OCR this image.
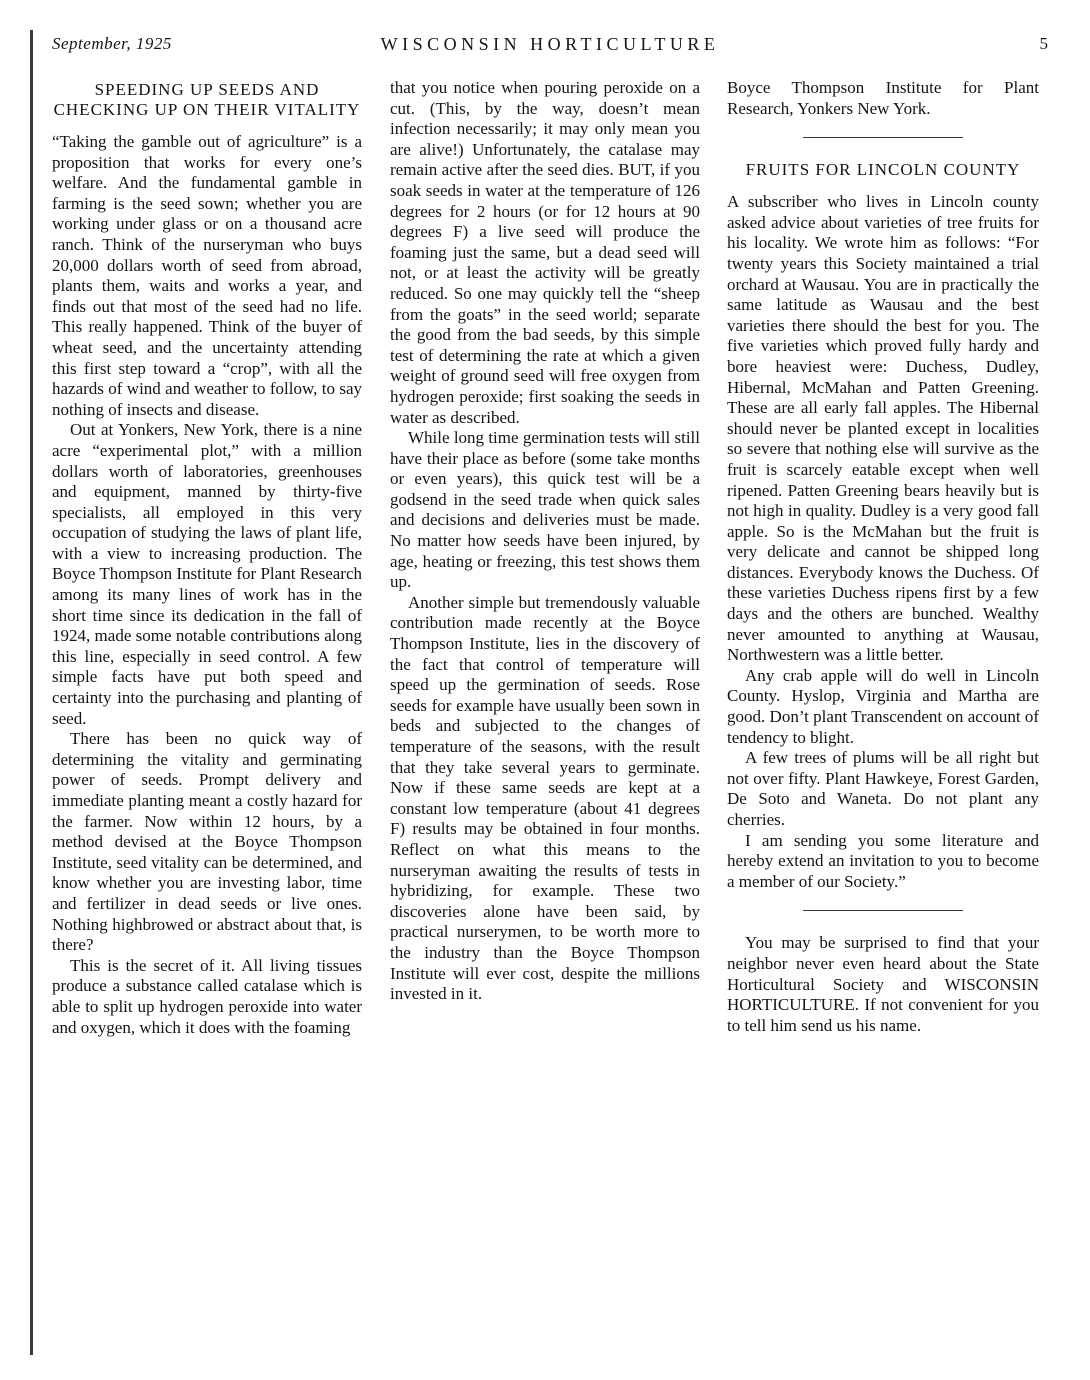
September, 1925	WISCONSIN HORTICULTURE	5
SPEEDING UP SEEDS AND CHECKING UP ON THEIR VITALITY

“Taking the gamble out of agriculture” is a proposition that works for every one’s welfare. And the fundamental gamble in farming is the seed sown; whether you are working under glass or on a thousand acre ranch. Think of the nurseryman who buys 20,000 dollars worth of seed from abroad, plants them, waits and works a year, and finds out that most of the seed had no life. This really happened. Think of the buyer of wheat seed, and the uncertainty attending this first step toward a “crop”, with all the hazards of wind and weather to follow, to say nothing of insects and disease.

Out at Yonkers, New York, there is a nine acre “experimental plot,” with a million dollars worth of laboratories, greenhouses and equipment, manned by thirty-five specialists, all employed in this very occupation of studying the laws of plant life, with a view to increasing production. The Boyce Thompson Institute for Plant Research among its many lines of work has in the short time since its dedication in the fall of 1924, made some notable contributions along this line, especially in seed control. A few simple facts have put both speed and certainty into the purchasing and planting of seed.

There has been no quick way of determining the vitality and germinating power of seeds. Prompt delivery and immediate planting meant a costly hazard for the farmer. Now within 12 hours, by a method devised at the Boyce Thompson Institute, seed vitality can be determined, and know whether you are investing labor, time and fertilizer in dead seeds or live ones. Nothing highbrowed or abstract about that, is there?

This is the secret of it. All living tissues produce a substance called catalase which is able to split up hydrogen peroxide into water and oxygen, which it does with the foaming

that you notice when pouring peroxide on a cut. (This, by the way, doesn’t mean infection necessarily; it may only mean you are alive!) Unfortunately, the catalase may remain active after the seed dies. BUT, if you soak seeds in water at the temperature of 126 degrees for 2 hours (or for 12 hours at 90 degrees F) a live seed will produce the foaming just the same, but a dead seed will not, or at least the activity will be greatly reduced. So one may quickly tell the “sheep from the goats” in the seed world; separate the good from the bad seeds, by this simple test of determining the rate at which a given weight of ground seed will free oxygen from hydrogen peroxide; first soaking the seeds in water as described.

While long time germination tests will still have their place as before (some take months or even years), this quick test will be a godsend in the seed trade when quick sales and decisions and deliveries must be made. No matter how seeds have been injured, by age, heating or freezing, this test shows them up.

Another simple but tremendously valuable contribution made recently at the Boyce Thompson Institute, lies in the discovery of the fact that control of temperature will speed up the germination of seeds. Rose seeds for example have usually been sown in beds and subjected to the changes of temperature of the seasons, with the result that they take several years to germinate. Now if these same seeds are kept at a constant low temperature (about 41 degrees F) results may be obtained in four months. Reflect on what this means to the nurseryman awaiting the results of tests in hybridizing, for example. These two discoveries alone have been said, by practical nurserymen, to be worth more to the industry than the Boyce Thompson Institute will ever cost, despite the millions invested in it.

Boyce Thompson Institute for Plant Research, Yonkers New York.

FRUITS FOR LINCOLN COUNTY

A subscriber who lives in Lincoln county asked advice about varieties of tree fruits for his locality. We wrote him as follows: “For twenty years this Society maintained a trial orchard at Wausau. You are in practically the same latitude as Wausau and the best varieties there should the best for you. The five varieties which proved fully hardy and bore heaviest were: Duchess, Dudley, Hibernal, McMahan and Patten Greening. These are all early fall apples. The Hibernal should never be planted except in localities so severe that nothing else will survive as the fruit is scarcely eatable except when well ripened. Patten Greening bears heavily but is not high in quality. Dudley is a very good fall apple. So is the McMahan but the fruit is very delicate and cannot be shipped long distances. Everybody knows the Duchess. Of these varieties Duchess ripens first by a few days and the others are bunched. Wealthy never amounted to anything at Wausau, Northwestern was a little better.

Any crab apple will do well in Lincoln County. Hyslop, Virginia and Martha are good. Don’t plant Transcendent on account of tendency to blight.

A few trees of plums will be all right but not over fifty. Plant Hawkeye, Forest Garden, De Soto and Waneta. Do not plant any cherries.

I am sending you some literature and hereby extend an invitation to you to become a member of our Society.”

You may be surprised to find that your neighbor never even heard about the State Horticultural Society and WISCONSIN HORTICULTURE. If not convenient for you to tell him send us his name.
